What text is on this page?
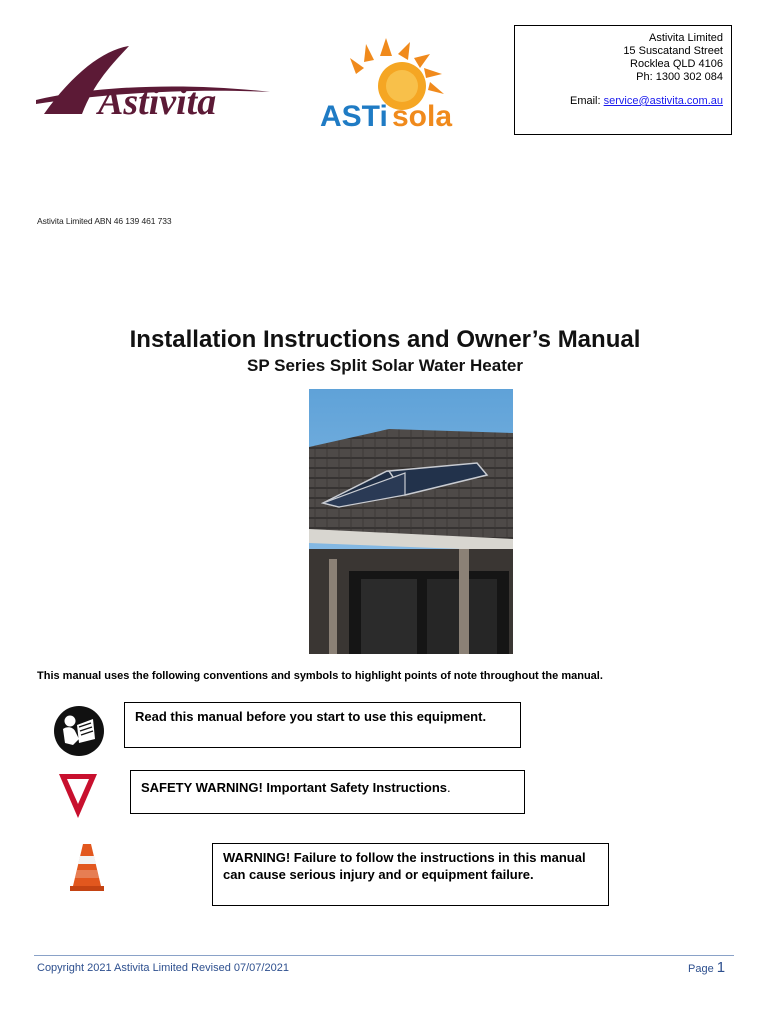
Astivita	ASTi sola
Astivita Limited
15 Suscatand Street
Rocklea QLD 4106
Ph: 1300 302 084
Email: service@astivita.com.au
Astivita Limited ABN 46 139 461 733
Installation Instructions and Owner’s Manual
SP Series Split Solar Water Heater
This manual uses the following conventions and symbols to highlight points of note throughout the manual.
Read this manual before you start to use this equipment.
SAFETY WARNING! Important Safety Instructions.
WARNING! Failure to follow the instructions in this manual can cause serious injury and or equipment failure.
Copyright 2021 Astivita Limited Revised 07/07/2021	Page 1
